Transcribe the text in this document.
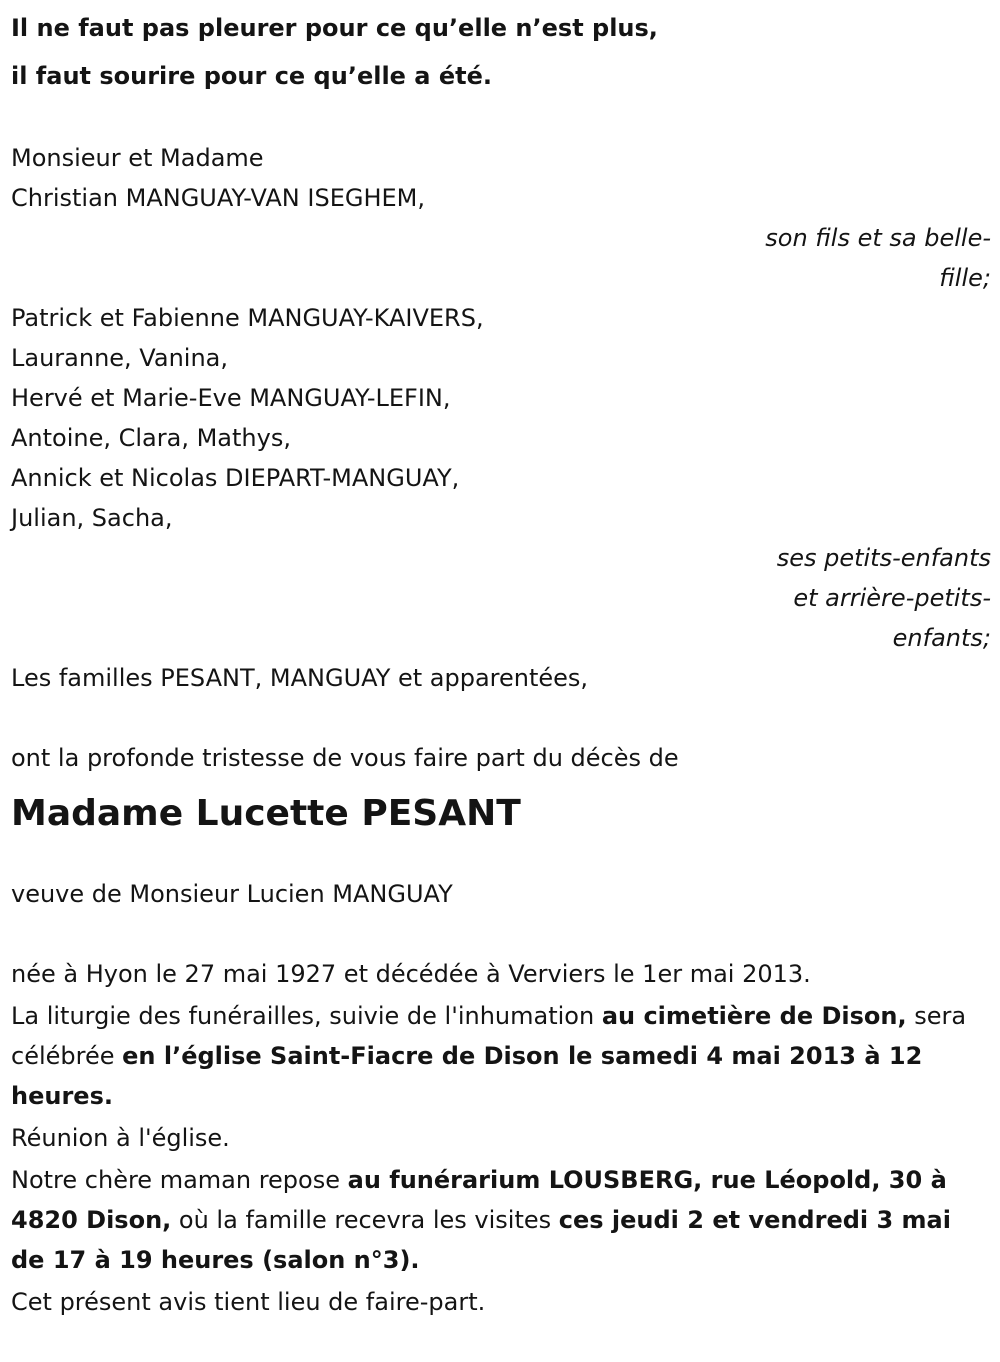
Il ne faut pas pleurer pour ce qu’elle n’est plus,

il faut sourire pour ce qu’elle a été.

Monsieur et Madame

Christian MANGUAY-VAN ISEGHEM,

son fils et sa belle-
fille;

Patrick et Fabienne MANGUAY-KAIVERS,

Lauranne, Vanina,

Hervé et Marie-Eve MANGUAY-LEFIN,

Antoine, Clara, Mathys,

Annick et Nicolas DIEPART-MANGUAY,

Julian, Sacha,

ses petits-enfants
et arrière-petits-
enfants;

Les familles PESANT, MANGUAY et apparentées,

ont la profonde tristesse de vous faire part du décès de

Madame Lucette PESANT

veuve de Monsieur Lucien MANGUAY

née à Hyon le 27 mai 1927 et décédée à Verviers le 1er mai 2013.

La liturgie des funérailles, suivie de l'inhumation au cimetière de Dison, sera célébrée en l’église Saint-Fiacre de Dison le samedi 4 mai 2013 à 12 heures.

Réunion à l'église.

Notre chère maman repose au funérarium LOUSBERG, rue Léopold, 30 à 4820 Dison, où la famille recevra les visites ces jeudi 2 et vendredi 3 mai de 17 à 19 heures (salon n°3).

Cet présent avis tient lieu de faire-part.
